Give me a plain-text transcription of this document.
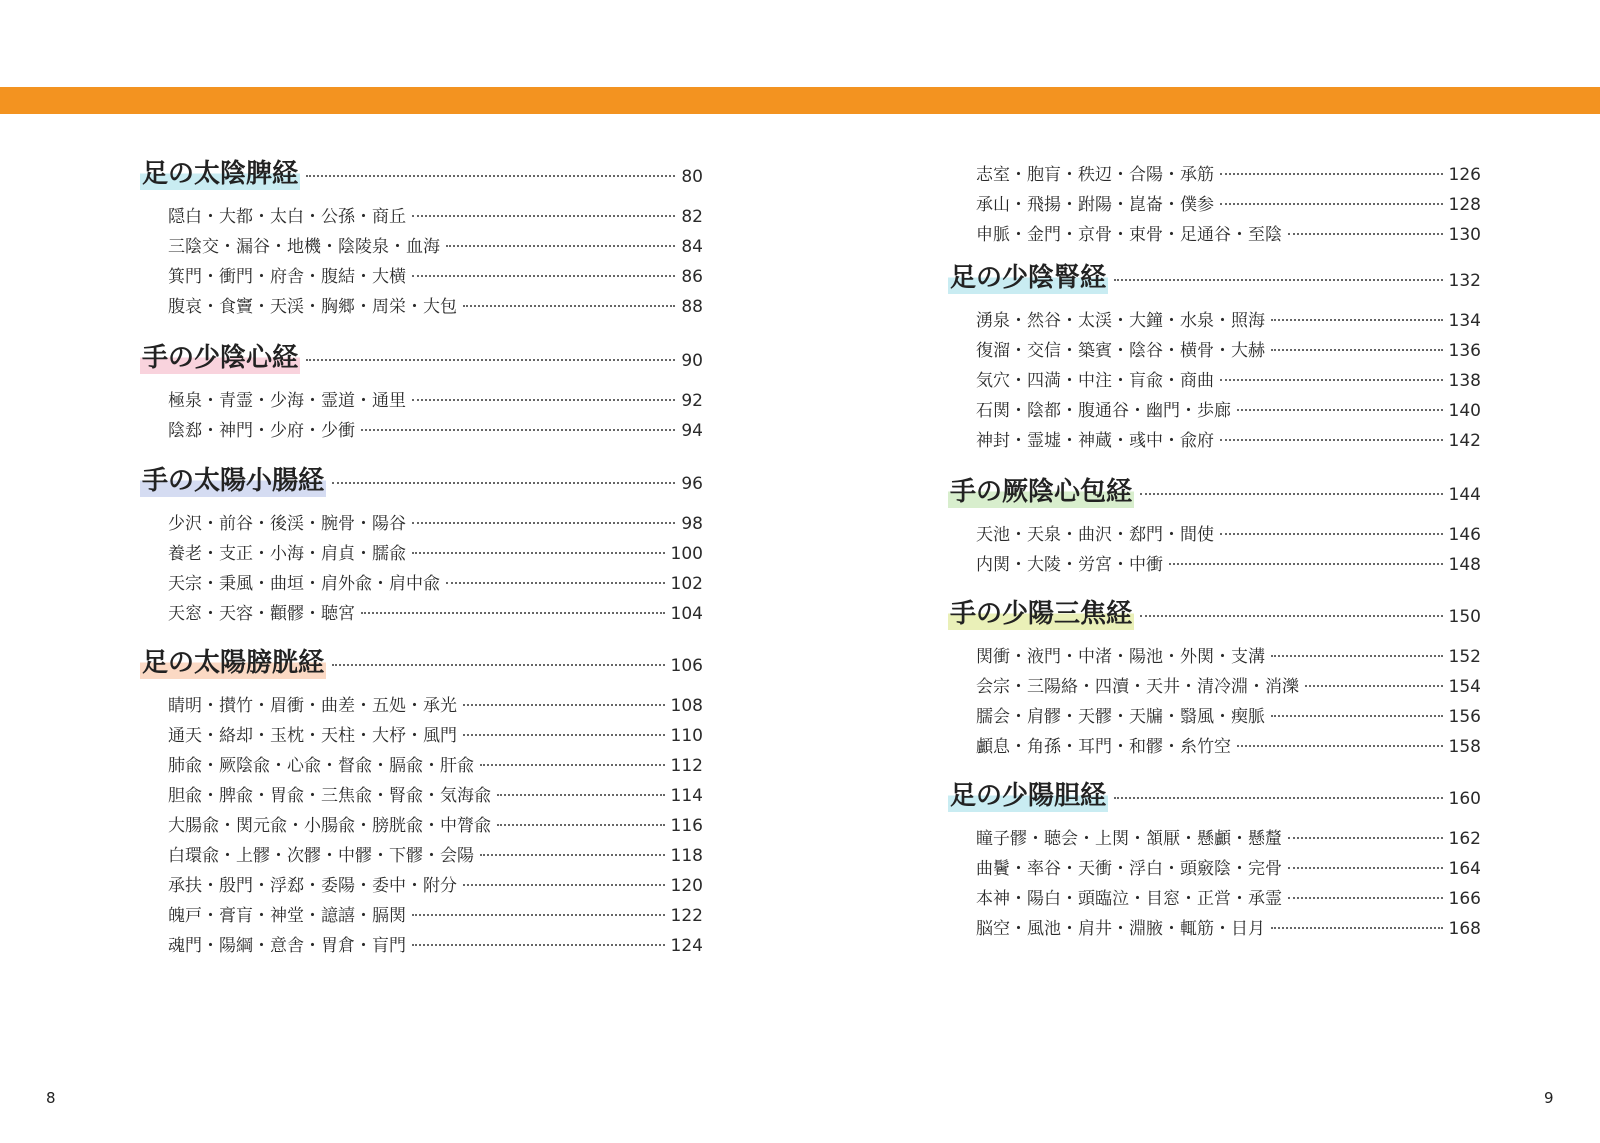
足の太陰脾経	80
隠白・大都・太白・公孫・商丘	82
三陰交・漏谷・地機・陰陵泉・血海	84
箕門・衝門・府舎・腹結・大横	86
腹哀・食竇・天渓・胸郷・周栄・大包	88
手の少陰心経	90
極泉・青霊・少海・霊道・通里	92
陰郄・神門・少府・少衝	94
手の太陽小腸経	96
少沢・前谷・後渓・腕骨・陽谷	98
養老・支正・小海・肩貞・臑兪	100
天宗・秉風・曲垣・肩外兪・肩中兪	102
天窓・天容・顴髎・聴宮	104
足の太陽膀胱経	106
睛明・攅竹・眉衝・曲差・五処・承光	108
通天・絡却・玉枕・天柱・大杼・風門	110
肺兪・厥陰兪・心兪・督兪・膈兪・肝兪	112
胆兪・脾兪・胃兪・三焦兪・腎兪・気海兪	114
大腸兪・関元兪・小腸兪・膀胱兪・中膂兪	116
白環兪・上髎・次髎・中髎・下髎・会陽	118
承扶・殷門・浮郄・委陽・委中・附分	120
魄戸・膏肓・神堂・譩譆・膈関	122
魂門・陽綱・意舎・胃倉・肓門	124
志室・胞肓・秩辺・合陽・承筋	126
承山・飛揚・跗陽・崑崙・僕参	128
申脈・金門・京骨・束骨・足通谷・至陰	130
足の少陰腎経	132
湧泉・然谷・太渓・大鐘・水泉・照海	134
復溜・交信・築賓・陰谷・横骨・大赫	136
気穴・四満・中注・肓兪・商曲	138
石関・陰都・腹通谷・幽門・歩廊	140
神封・霊墟・神蔵・彧中・兪府	142
手の厥陰心包経	144
天池・天泉・曲沢・郄門・間使	146
内関・大陵・労宮・中衝	148
手の少陽三焦経	150
関衝・液門・中渚・陽池・外関・支溝	152
会宗・三陽絡・四瀆・天井・清冷淵・消濼	154
臑会・肩髎・天髎・天牖・翳風・瘈脈	156
顱息・角孫・耳門・和髎・糸竹空	158
足の少陽胆経	160
瞳子髎・聴会・上関・頷厭・懸顱・懸釐	162
曲鬢・率谷・天衝・浮白・頭竅陰・完骨	164
本神・陽白・頭臨泣・目窓・正営・承霊	166
脳空・風池・肩井・淵腋・輒筋・日月	168
8	9
